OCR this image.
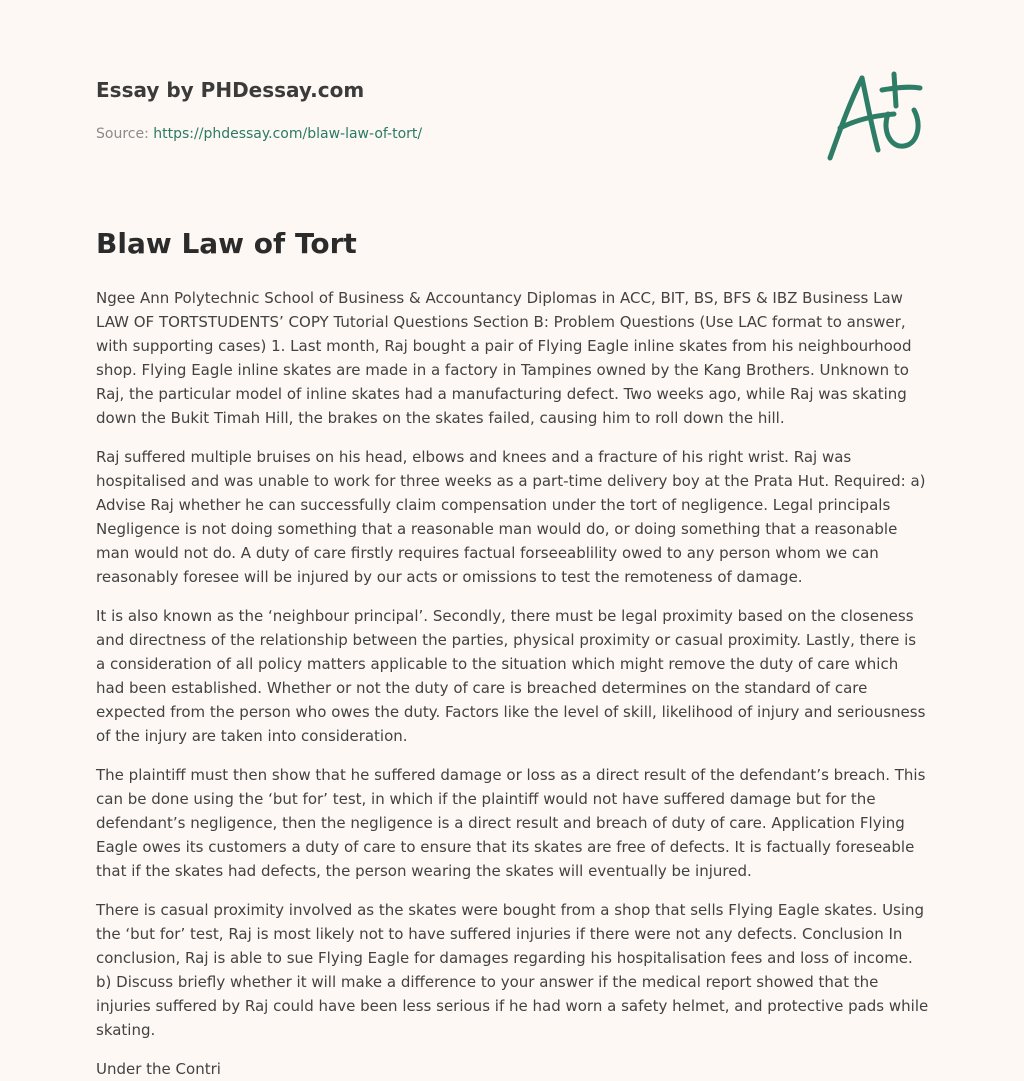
Essay by PHDessay.com
Source: https://phdessay.com/blaw-law-of-tort/
Blaw Law of Tort

Ngee Ann Polytechnic School of Business & Accountancy Diplomas in ACC, BIT, BS, BFS & IBZ Business Law LAW OF TORTSTUDENTS’ COPY Tutorial Questions Section B: Problem Questions (Use LAC format to answer, with supporting cases) 1. Last month, Raj bought a pair of Flying Eagle inline skates from his neighbourhood shop. Flying Eagle inline skates are made in a factory in Tampines owned by the Kang Brothers. Unknown to Raj, the particular model of inline skates had a manufacturing defect. Two weeks ago, while Raj was skating down the Bukit Timah Hill, the brakes on the skates failed, causing him to roll down the hill.

Raj suffered multiple bruises on his head, elbows and knees and a fracture of his right wrist. Raj was hospitalised and was unable to work for three weeks as a part-time delivery boy at the Prata Hut. Required: a) Advise Raj whether he can successfully claim compensation under the tort of negligence. Legal principals Negligence is not doing something that a reasonable man would do, or doing something that a reasonable man would not do. A duty of care firstly requires factual forseeablility owed to any person whom we can reasonably foresee will be injured by our acts or omissions to test the remoteness of damage.

It is also known as the ‘neighbour principal’. Secondly, there must be legal proximity based on the closeness and directness of the relationship between the parties, physical proximity or casual proximity. Lastly, there is a consideration of all policy matters applicable to the situation which might remove the duty of care which had been established. Whether or not the duty of care is breached determines on the standard of care expected from the person who owes the duty. Factors like the level of skill, likelihood of injury and seriousness of the injury are taken into consideration.

The plaintiff must then show that he suffered damage or loss as a direct result of the defendant’s breach. This can be done using the ‘but for’ test, in which if the plaintiff would not have suffered damage but for the defendant’s negligence, then the negligence is a direct result and breach of duty of care. Application Flying Eagle owes its customers a duty of care to ensure that its skates are free of defects. It is factually foreseable that if the skates had defects, the person wearing the skates will eventually be injured.

There is casual proximity involved as the skates were bought from a shop that sells Flying Eagle skates. Using the ‘but for’ test, Raj is most likely not to have suffered injuries if there were not any defects. Conclusion In conclusion, Raj is able to sue Flying Eagle for damages regarding his hospitalisation fees and loss of income. b) Discuss briefly whether it will make a difference to your answer if the medical report showed that the injuries suffered by Raj could have been less serious if he had worn a safety helmet, and protective pads while skating.

Under the Contri
